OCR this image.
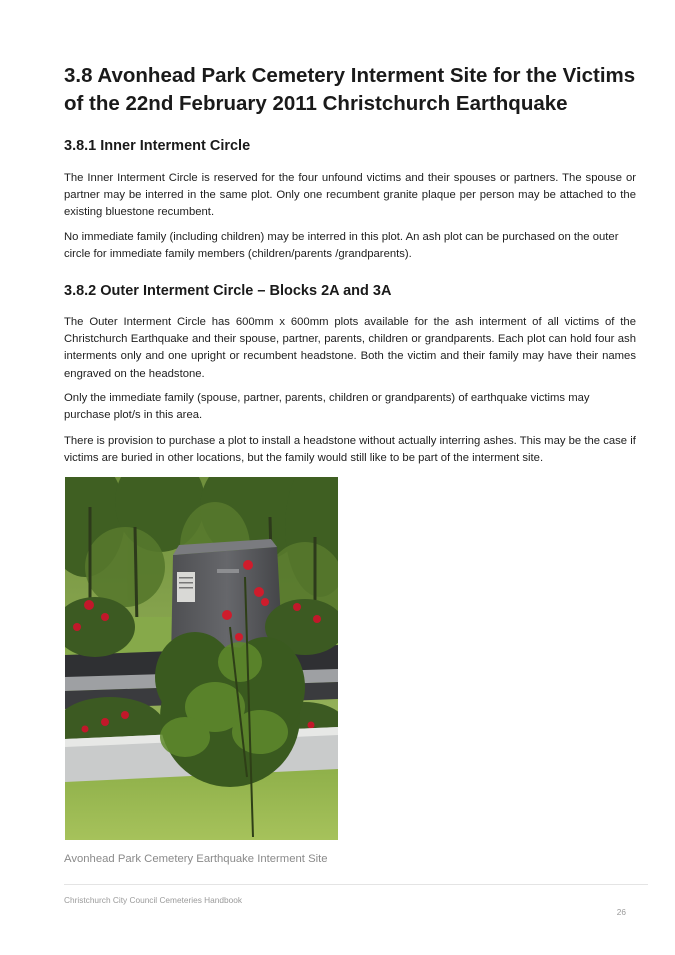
3.8 Avonhead Park Cemetery Interment Site for the Victims of the 22nd February 2011 Christchurch Earthquake
3.8.1 Inner Interment Circle

The Inner Interment Circle is reserved for the four unfound victims and their spouses or partners. The spouse or partner may be interred in the same plot. Only one recumbent granite plaque per person may be attached to the existing bluestone recumbent.

No immediate family (including children) may be interred in this plot. An ash plot can be purchased on the outer circle for immediate family members (children/parents /grandparents).

3.8.2 Outer Interment Circle – Blocks 2A and 3A

The Outer Interment Circle has 600mm x 600mm plots available for the ash interment of all victims of the Christchurch Earthquake and their spouse, partner, parents, children or grandparents. Each plot can hold four ash interments only and one upright or recumbent headstone. Both the victim and their family may have their names engraved on the headstone.

Only the immediate family (spouse, partner, parents, children or grandparents) of earthquake victims may purchase plot/s in this area.

There is provision to purchase a plot to install a headstone without actually interring ashes. This may be the case if victims are buried in other locations, but the family would still like to be part of the interment site.

Avonhead Park Cemetery Earthquake Interment Site
Christchurch City Council Cemeteries Handbook
26
